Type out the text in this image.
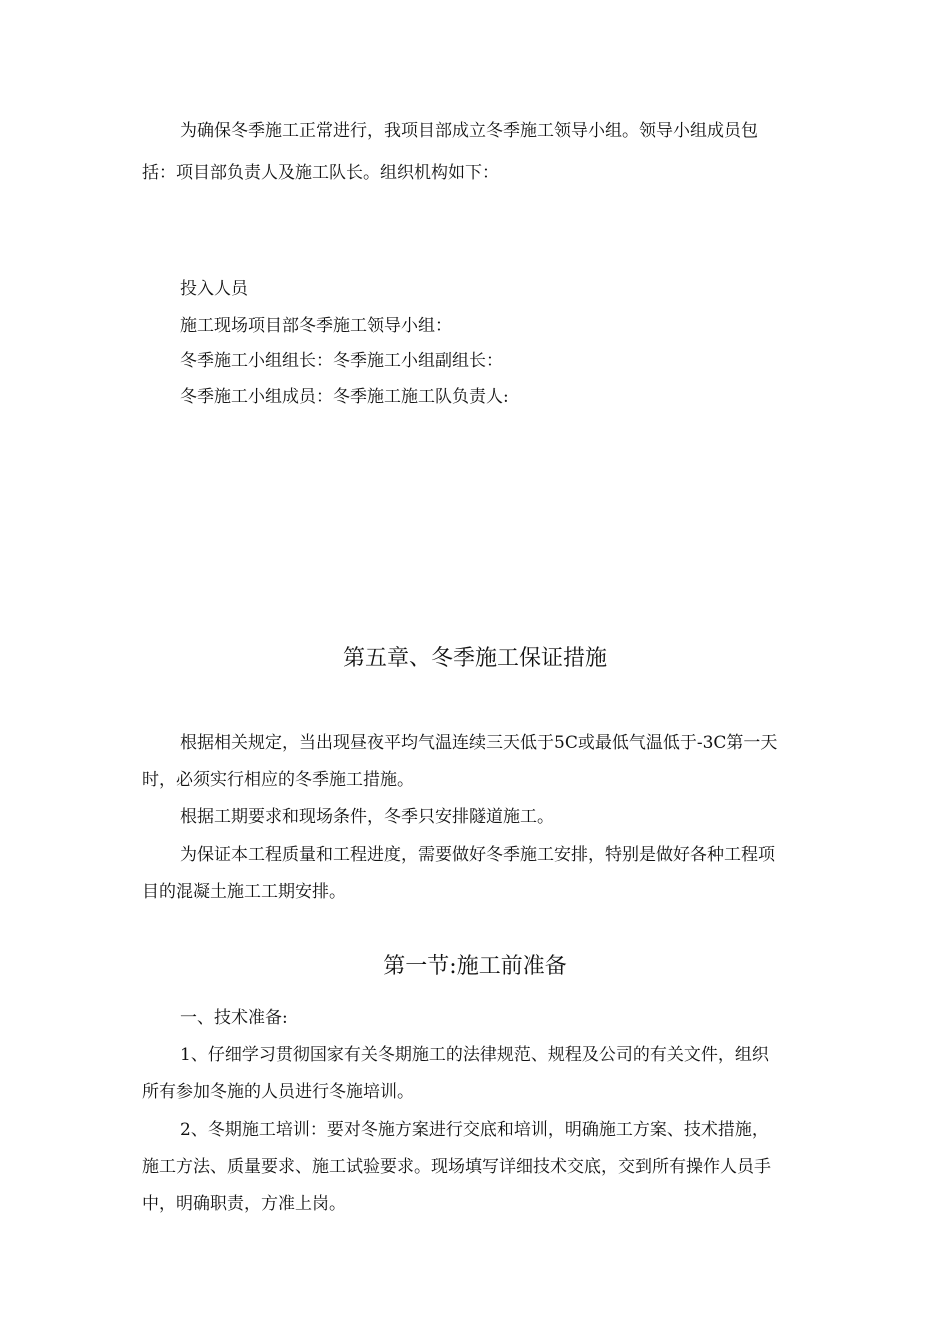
为确保冬季施工正常进行，我项目部成立冬季施工领导小组。领导小组成员包
括：项目部负责人及施工队长。组织机构如下：
投入人员
施工现场项目部冬季施工领导小组：
冬季施工小组组长：冬季施工小组副组长：
冬季施工小组成员：冬季施工施工队负责人:
第五章、冬季施工保证措施
根据相关规定，当出现昼夜平均气温连续三天低于5C或最低气温低于-3C第一天
时，必须实行相应的冬季施工措施。
根据工期要求和现场条件，冬季只安排隧道施工。
为保证本工程质量和工程进度，需要做好冬季施工安排，特别是做好各种工程项
目的混凝土施工工期安排。
第一节:施工前准备
一、技术准备:
1、仔细学习贯彻国家有关冬期施工的法律规范、规程及公司的有关文件，组织
所有参加冬施的人员进行冬施培训。
2、冬期施工培训：要对冬施方案进行交底和培训，明确施工方案、技术措施，
施工方法、质量要求、施工试验要求。现场填写详细技术交底，交到所有操作人员手
中，明确职责，方准上岗。
